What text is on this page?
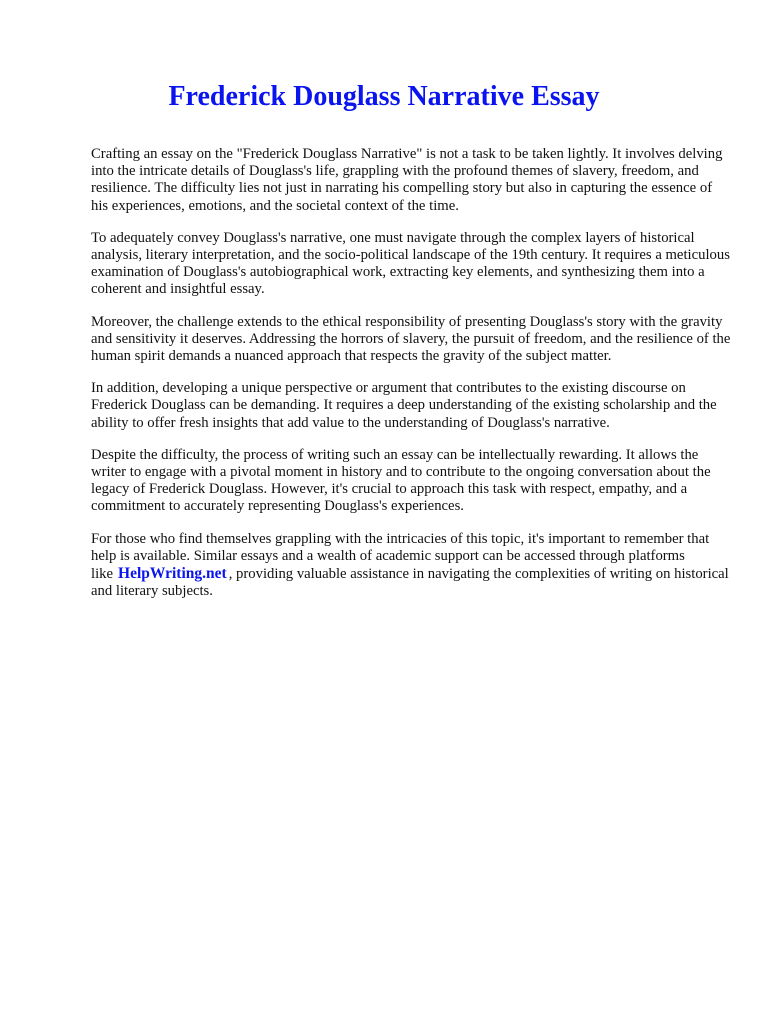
Frederick Douglass Narrative Essay

Crafting an essay on the "Frederick Douglass Narrative" is not a task to be taken lightly. It involves delving into the intricate details of Douglass's life, grappling with the profound themes of slavery, freedom, and resilience. The difficulty lies not just in narrating his compelling story but also in capturing the essence of his experiences, emotions, and the societal context of the time.

To adequately convey Douglass's narrative, one must navigate through the complex layers of historical analysis, literary interpretation, and the socio-political landscape of the 19th century. It requires a meticulous examination of Douglass's autobiographical work, extracting key elements, and synthesizing them into a coherent and insightful essay.

Moreover, the challenge extends to the ethical responsibility of presenting Douglass's story with the gravity and sensitivity it deserves. Addressing the horrors of slavery, the pursuit of freedom, and the resilience of the human spirit demands a nuanced approach that respects the gravity of the subject matter.

In addition, developing a unique perspective or argument that contributes to the existing discourse on Frederick Douglass can be demanding. It requires a deep understanding of the existing scholarship and the ability to offer fresh insights that add value to the understanding of Douglass's narrative.

Despite the difficulty, the process of writing such an essay can be intellectually rewarding. It allows the writer to engage with a pivotal moment in history and to contribute to the ongoing conversation about the legacy of Frederick Douglass. However, it's crucial to approach this task with respect, empathy, and a commitment to accurately representing Douglass's experiences.

For those who find themselves grappling with the intricacies of this topic, it's important to remember that help is available. Similar essays and a wealth of academic support can be accessed through platforms like HelpWriting.net , providing valuable assistance in navigating the complexities of writing on historical and literary subjects.
